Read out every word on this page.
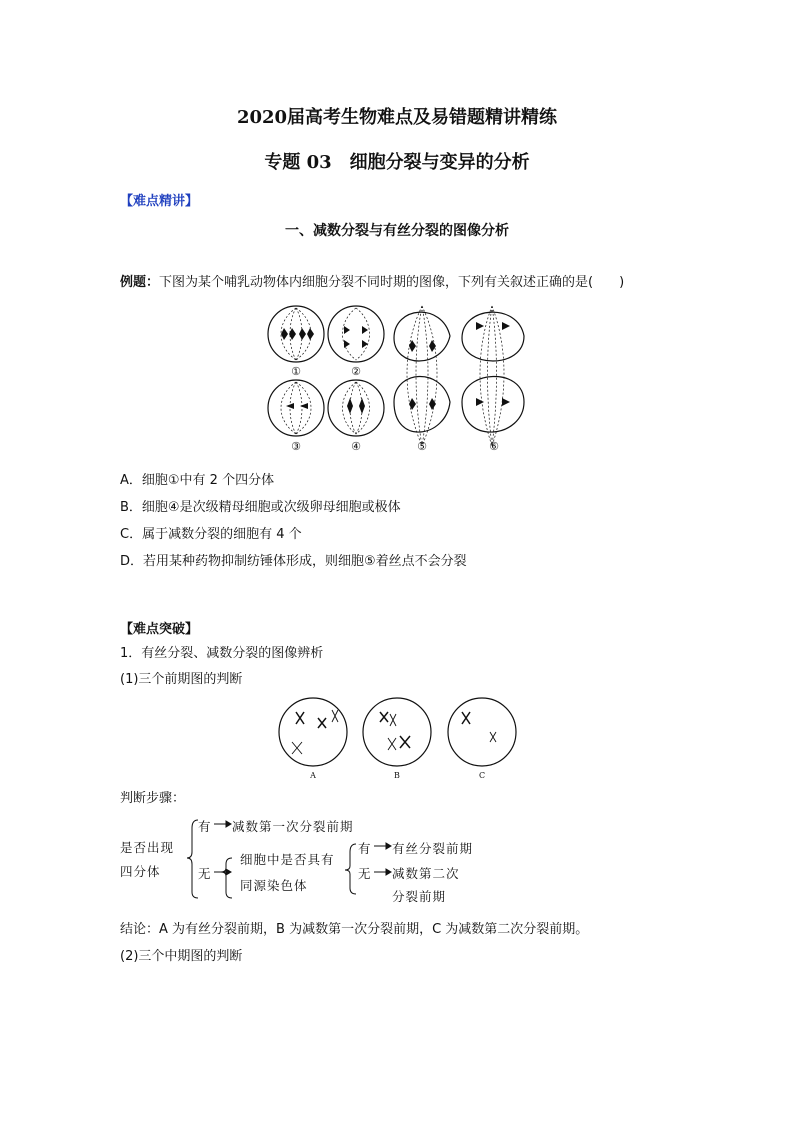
2020届高考生物难点及易错题精讲精练
专题 03　细胞分裂与变异的分析
【难点精讲】
一、减数分裂与有丝分裂的图像分析
例题：下图为某个哺乳动物体内细胞分裂不同时期的图像，下列有关叙述正确的是(　　)
①	②
③	④	⑤	⑥
A．细胞①中有 2 个四分体
B．细胞④是次级精母细胞或次级卵母细胞或极体
C．属于减数分裂的细胞有 4 个
D．若用某种药物抑制纺锤体形成，则细胞⑤着丝点不会分裂
【难点突破】
1．有丝分裂、减数分裂的图像辨析
(1)三个前期图的判断
A	B	C
判断步骤：
是否出现
四分体
有 减数第一次分裂前期
无
细胞中是否具有
同源染色体
有 有丝分裂前期
无 减数第二次
分裂前期
结论：A 为有丝分裂前期，B 为减数第一次分裂前期，C 为减数第二次分裂前期。
(2)三个中期图的判断
